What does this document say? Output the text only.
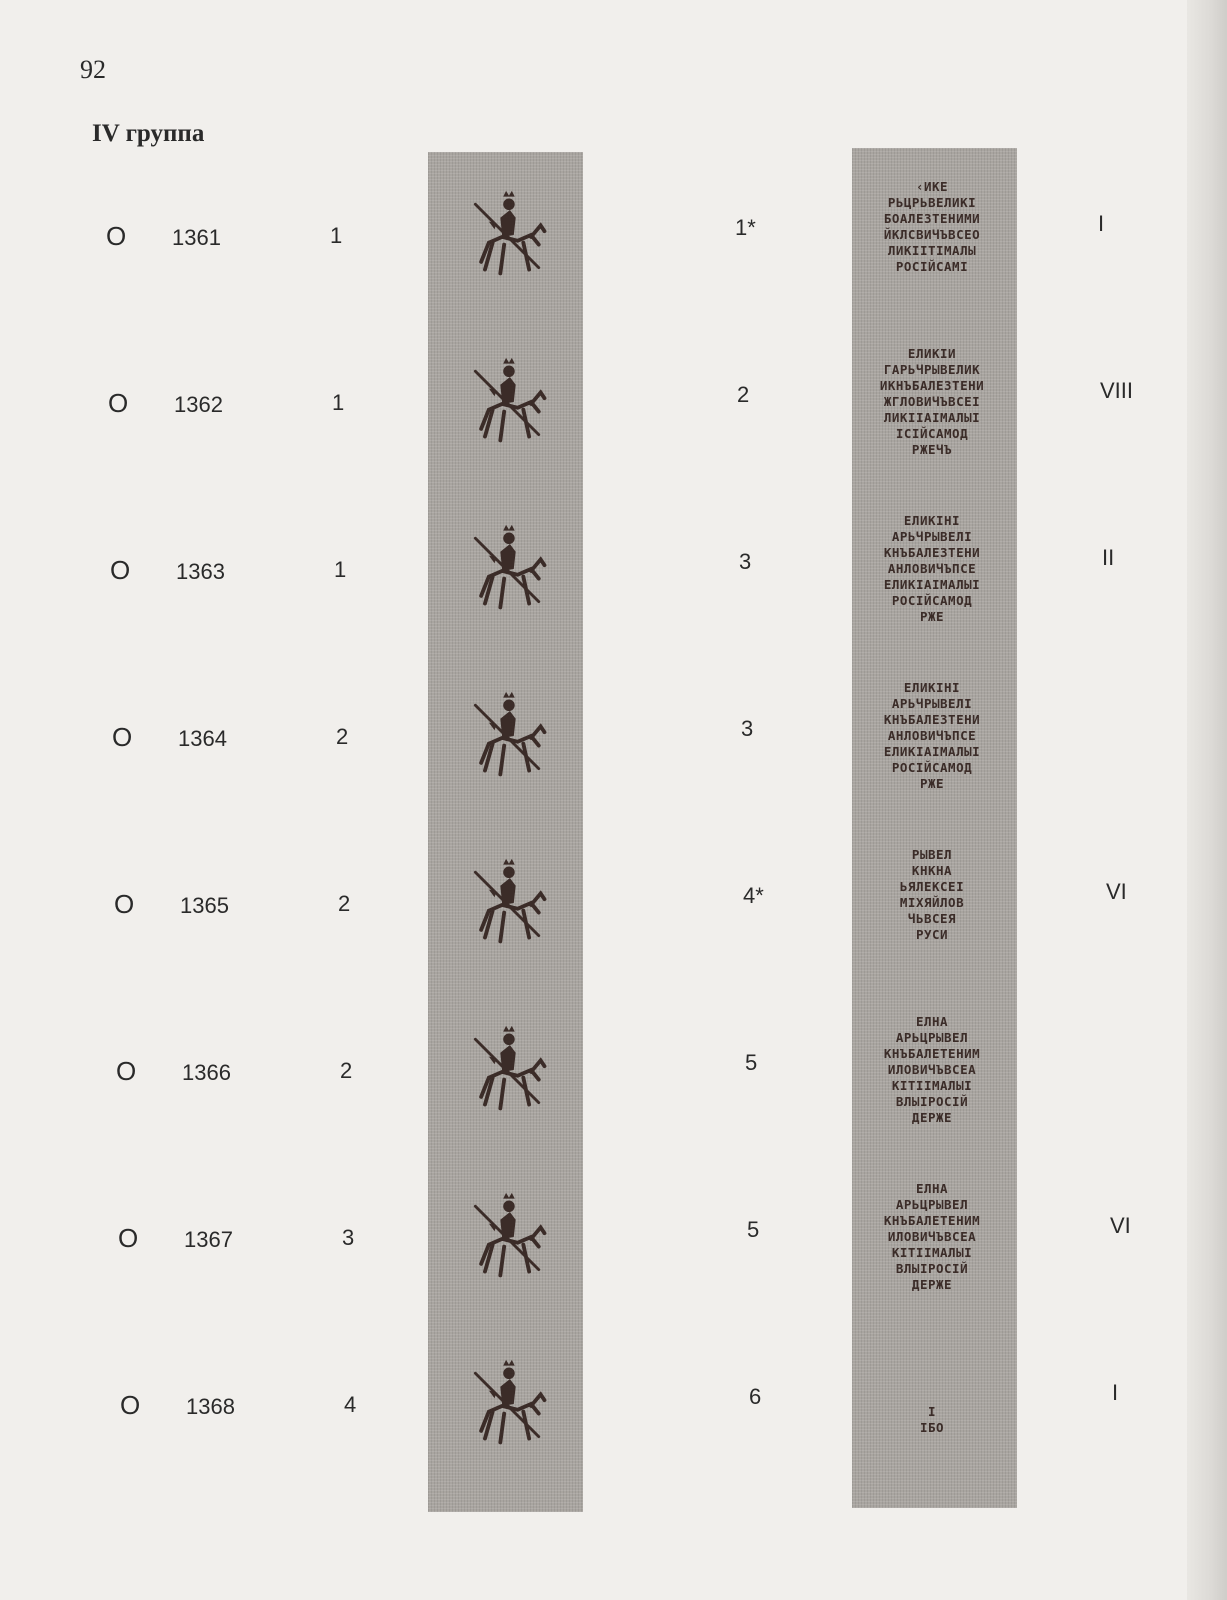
92
IV группа
O 1361	1	1*
‹ИКЕ
РЬЦРЬВЕЛИКІ
БОАЛЕЗТЕНИМИ
ЙКЛСВИЧЪВСЕО
ЛИКІІТІМАЛЫ
РОСІЙСАМІ
I
O 1362	1	2
ЕЛИКІИ
ГАРЬЧРЫВЕЛИК
ИКНЪБАЛЕЗТЕНИ
ЖГЛОВИЧЪВСЕІ
ЛИКІІАІМАЛЫІ
ІСІЙСАМОД
РЖЕЧЪ
VIII
O 1363	1	3
ЕЛИКІНІ
АРЬЧРЫВЕЛІ
КНЪБАЛЕЗТЕНИ
АНЛОВИЧЪПСЕ
ЕЛИКІАІМАЛЫІ
РОСІЙСАМОД
РЖЕ
II
O 1364	2	3
ЕЛИКІНІ
АРЬЧРЫВЕЛІ
КНЪБАЛЕЗТЕНИ
АНЛОВИЧЪПСЕ
ЕЛИКІАІМАЛЫІ
РОСІЙСАМОД
РЖЕ
O 1365	2	4*
РЫВЕЛ
КНКНА
ЬЯЛЕКСЕІ
МІХЯЙЛОВ
ЧЬВСЕЯ
РУСИ
VI
O 1366	2	5
ЕЛНА
АРЬЦРЫВЕЛ
КНЪБАЛЕТЕНИМ
ИЛОВИЧЪВСЕА
КІТІІМАЛЫІ
ВЛЫІРОСІЙ
ДЕРЖЕ
O 1367	3	5
ЕЛНА
АРЬЦРЫВЕЛ
КНЪБАЛЕТЕНИМ
ИЛОВИЧЪВСЕА
КІТІІМАЛЫІ
ВЛЫІРОСІЙ
ДЕРЖЕ
VI
O 1368	4	6
І
ІБО
I
